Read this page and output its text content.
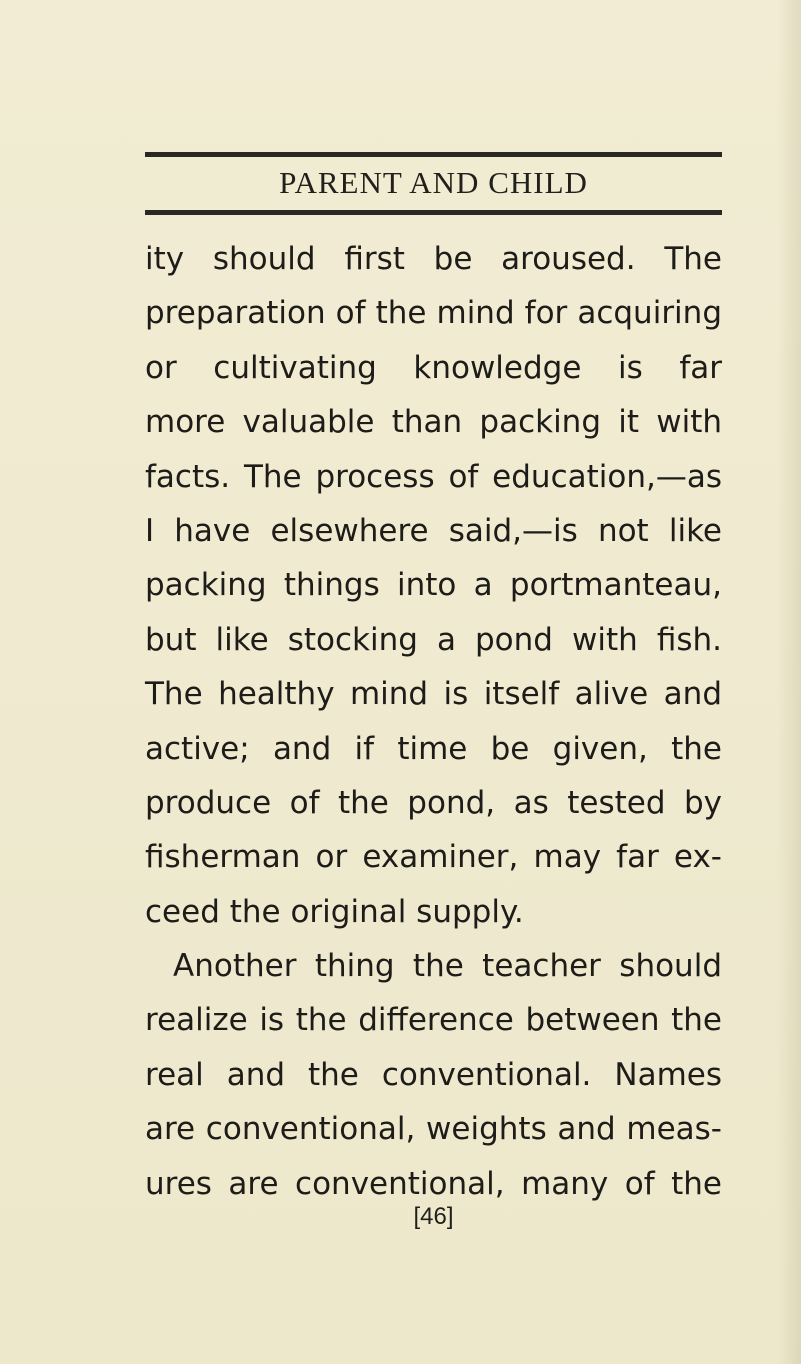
PARENT AND CHILD
ity should first be aroused. The
preparation of the mind for acquiring
or cultivating knowledge is far
more valuable than packing it with
facts. The process of education,—as
I have elsewhere said,—is not like
packing things into a portmanteau,
but like stocking a pond with fish.
The healthy mind is itself alive and
active; and if time be given, the
produce of the pond, as tested by
fisherman or examiner, may far ex-
ceed the original supply.
Another thing the teacher should
realize is the difference between the
real and the conventional. Names
are conventional, weights and meas-
ures are conventional, many of the
[46]
